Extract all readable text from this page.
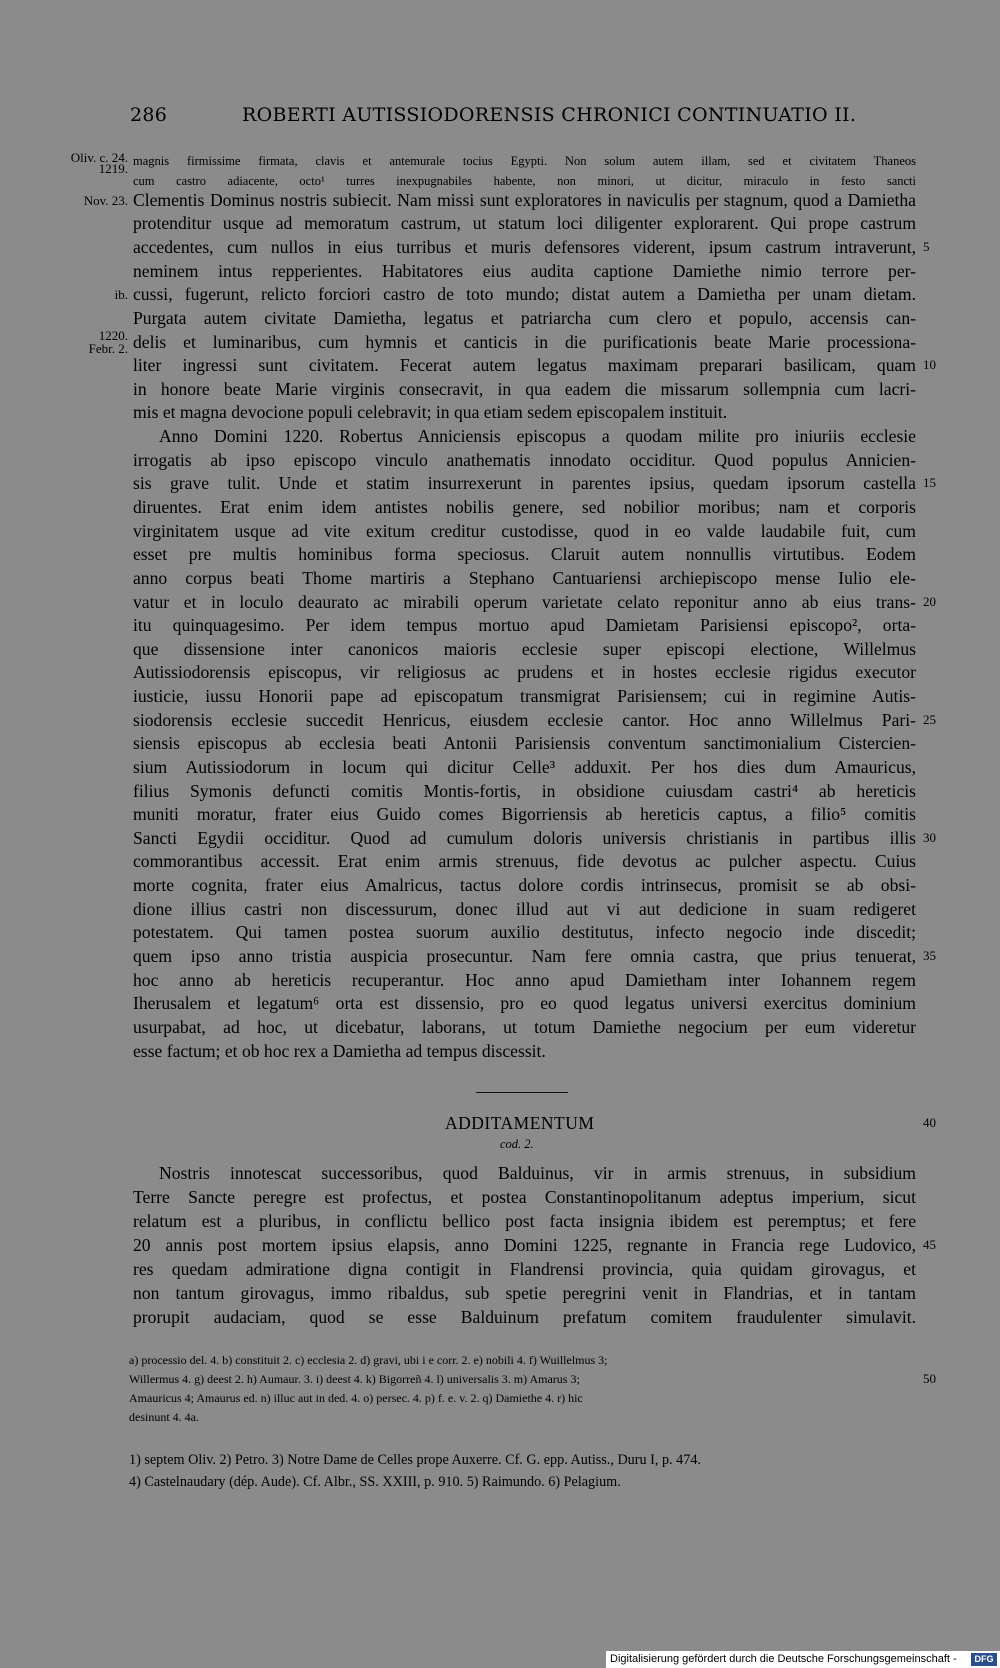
286	ROBERTI AUTISSIODORENSIS CHRONICI CONTINUATIO II.
Oliv. c. 24.
1219.
Nov. 23.
ib.
1220.
Febr. 2.
magnis firmissime firmata, clavis et antemurale tocius Egypti. Non solum autem illam, sed et civitatem Thaneos
cum castro adiacente, octo¹ turres inexpugnabiles habente, non minori, ut dicitur, miraculo in festo sancti
Clementis Dominus nostris subiecit. Nam missi sunt exploratores in naviculis per stagnum, quod a Damietha
protenditur usque ad memoratum castrum, ut statum loci diligenter explorarent. Qui prope castrum
accedentes, cum nullos in eius turribus et muris defensores viderent, ipsum castrum intraverunt, 5
neminem intus repperientes. Habitatores eius audita captione Damiethe nimio terrore per-
cussi, fugerunt, relicto forciori castro de toto mundo; distat autem a Damietha per unam dietam.
Purgata autem civitate Damietha, legatus et patriarcha cum clero et populo, accensis can-
delis et luminaribus, cum hymnis et canticis in die purificationis beate Marie processiona-
liter ingressi sunt civitatem. Fecerat autem legatus maximam preparari basilicam, quam 10
in honore beate Marie virginis consecravit, in qua eadem die missarum sollempnia cum lacri-
mis et magna devocione populi celebravit; in qua etiam sedem episcopalem instituit.
Anno Domini 1220. Robertus Anniciensis episcopus a quodam milite pro iniuriis ecclesie
irrogatis ab ipso episcopo vinculo anathematis innodato occiditur. Quod populus Annicien-
sis grave tulit. Unde et statim insurrexerunt in parentes ipsius, quedam ipsorum castella 15
diruentes. Erat enim idem antistes nobilis genere, sed nobilior moribus; nam et corporis
virginitatem usque ad vite exitum creditur custodisse, quod in eo valde laudabile fuit, cum
esset pre multis hominibus forma speciosus. Claruit autem nonnullis virtutibus. Eodem
anno corpus beati Thome martiris a Stephano Cantuariensi archiepiscopo mense Iulio ele-
vatur et in loculo deaurato ac mirabili operum varietate celato reponitur anno ab eius trans- 20
itu quinquagesimo. Per idem tempus mortuo apud Damietam Parisiensi episcopo², orta-
que dissensione inter canonicos maioris ecclesie super episcopi electione, Willelmus
Autissiodorensis episcopus, vir religiosus ac prudens et in hostes ecclesie rigidus executor
iusticie, iussu Honorii pape ad episcopatum transmigrat Parisiensem; cui in regimine Autis-
siodorensis ecclesie succedit Henricus, eiusdem ecclesie cantor. Hoc anno Willelmus Pari- 25
siensis episcopus ab ecclesia beati Antonii Parisiensis conventum sanctimonialium Cistercien-
sium Autissiodorum in locum qui dicitur Celle³ adduxit. Per hos dies dum Amauricus,
filius Symonis defuncti comitis Montis-fortis, in obsidione cuiusdam castri⁴ ab hereticis
muniti moratur, frater eius Guido comes Bigorriensis ab hereticis captus, a filio⁵ comitis
Sancti Egydii occiditur. Quod ad cumulum doloris universis christianis in partibus illis 30
commorantibus accessit. Erat enim armis strenuus, fide devotus ac pulcher aspectu. Cuius
morte cognita, frater eius Amalricus, tactus dolore cordis intrinsecus, promisit se ab obsi-
dione illius castri non discessurum, donec illud aut vi aut dedicione in suam redigeret
potestatem. Qui tamen postea suorum auxilio destitutus, infecto negocio inde discedit;
quem ipso anno tristia auspicia prosecuntur. Nam fere omnia castra, que prius tenuerat, 35
hoc anno ab hereticis recuperantur. Hoc anno apud Damietham inter Iohannem regem
Iherusalem et legatum⁶ orta est dissensio, pro eo quod legatus universi exercitus dominium
usurpabat, ad hoc, ut dicebatur, laborans, ut totum Damiethe negocium per eum videretur
esse factum; et ob hoc rex a Damietha ad tempus discessit.
ADDITAMENTUM	40
cod. 2.
Nostris innotescat successoribus, quod Balduinus, vir in armis strenuus, in subsidium
Terre Sancte peregre est profectus, et postea Constantinopolitanum adeptus imperium, sicut
relatum est a pluribus, in conflictu bellico post facta insignia ibidem est peremptus; et fere
20 annis post mortem ipsius elapsis, anno Domini 1225, regnante in Francia rege Ludovico, 45
res quedam admiratione digna contigit in Flandrensi provincia, quia quidam girovagus, et
non tantum girovagus, immo ribaldus, sub spetie peregrini venit in Flandrias, et in tantam
prorupit audaciam, quod se esse Balduinum prefatum comitem fraudulenter simulavit.
a) processio del. 4. b) constituit 2. c) ecclesia 2. d) gravi, ubi i e corr. 2. e) nobili 4. f) Wuillelmus 3;
Willermus 4. g) deest 2. h) Aumaur. 3. i) deest 4. k) Bigorreñ 4. l) universalis 3. m) Amarus 3;	50
Amauricus 4; Amaurus ed. n) illuc aut in ded. 4. o) persec. 4. p) f. e. v. 2. q) Damiethe 4. r) hic
desinunt 4. 4a.
1) septem Oliv. 2) Petro. 3) Notre Dame de Celles prope Auxerre. Cf. G. epp. Autiss., Duru I, p. 474.
4) Castelnaudary (dép. Aude). Cf. Albr., SS. XXIII, p. 910. 5) Raimundo. 6) Pelagium.
Digitalisierung gefördert durch die Deutsche Forschungsgemeinschaft -	DFG
